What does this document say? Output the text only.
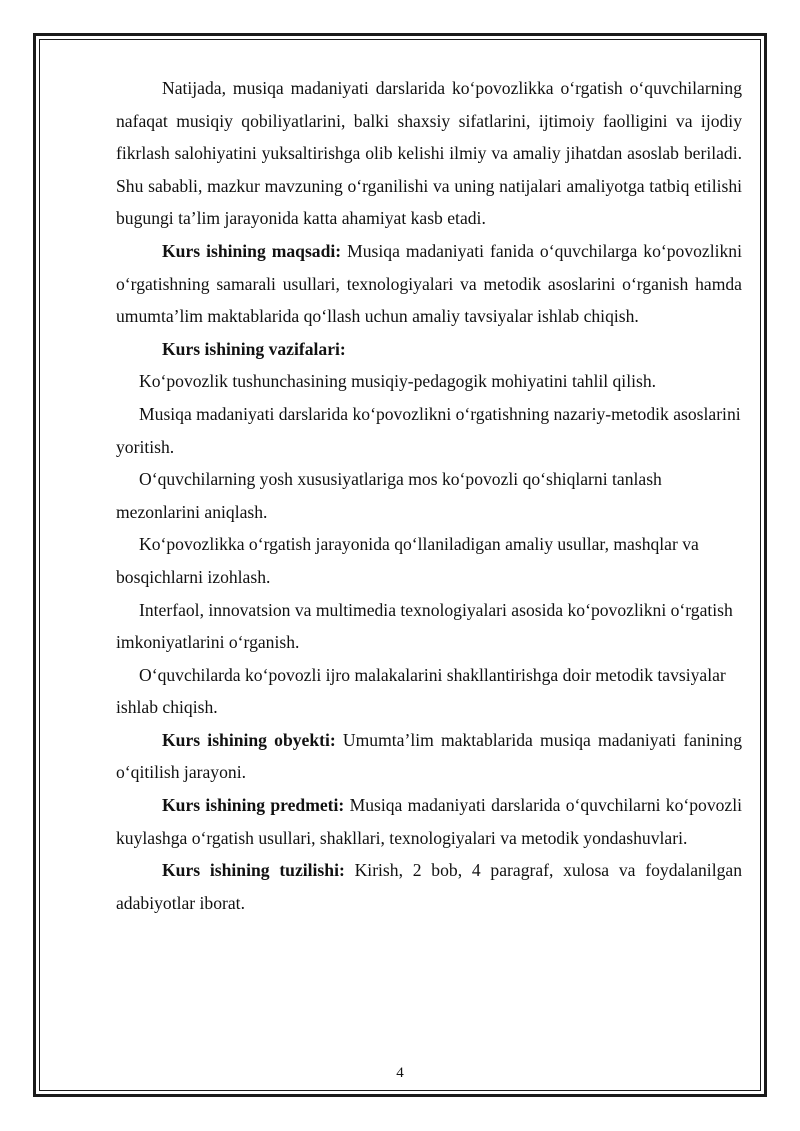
Natijada, musiqa madaniyati darslarida koʻpovozlikka oʻrgatish oʻquvchilarning nafaqat musiqiy qobiliyatlarini, balki shaxsiy sifatlarini, ijtimoiy faolligini va ijodiy fikrlash salohiyatini yuksaltirishga olib kelishi ilmiy va amaliy jihatdan asoslab beriladi. Shu sababli, mazkur mavzuning oʻrganilishi va uning natijalari amaliyotga tatbiq etilishi bugungi taʼlim jarayonida katta ahamiyat kasb etadi.

Kurs ishining maqsadi: Musiqa madaniyati fanida oʻquvchilarga koʻpovozlikni oʻrgatishning samarali usullari, texnologiyalari va metodik asoslarini oʻrganish hamda umumtaʼlim maktablarida qoʻllash uchun amaliy tavsiyalar ishlab chiqish.

Kurs ishining vazifalari:

Koʻpovozlik tushunchasining musiqiy-pedagogik mohiyatini tahlil qilish.

Musiqa madaniyati darslarida koʻpovozlikni oʻrgatishning nazariy-metodik asoslarini yoritish.

Oʻquvchilarning yosh xususiyatlariga mos koʻpovozli qoʻshiqlarni tanlash mezonlarini aniqlash.

Koʻpovozlikka oʻrgatish jarayonida qoʻllaniladigan amaliy usullar, mashqlar va bosqichlarni izohlash.

Interfaol, innovatsion va multimedia texnologiyalari asosida koʻpovozlikni oʻrgatish imkoniyatlarini oʻrganish.

Oʻquvchilarda koʻpovozli ijro malakalarini shakllantirishga doir metodik tavsiyalar ishlab chiqish.

Kurs ishining obyekti: Umumtaʼlim maktablarida musiqa madaniyati fanining oʻqitilish jarayoni.

Kurs ishining predmeti: Musiqa madaniyati darslarida oʻquvchilarni koʻpovozli kuylashga oʻrgatish usullari, shakllari, texnologiyalari va metodik yondashuvlari.

Kurs ishining tuzilishi: Kirish, 2 bob, 4 paragraf, xulosa va foydalanilgan adabiyotlar iborat.

4
